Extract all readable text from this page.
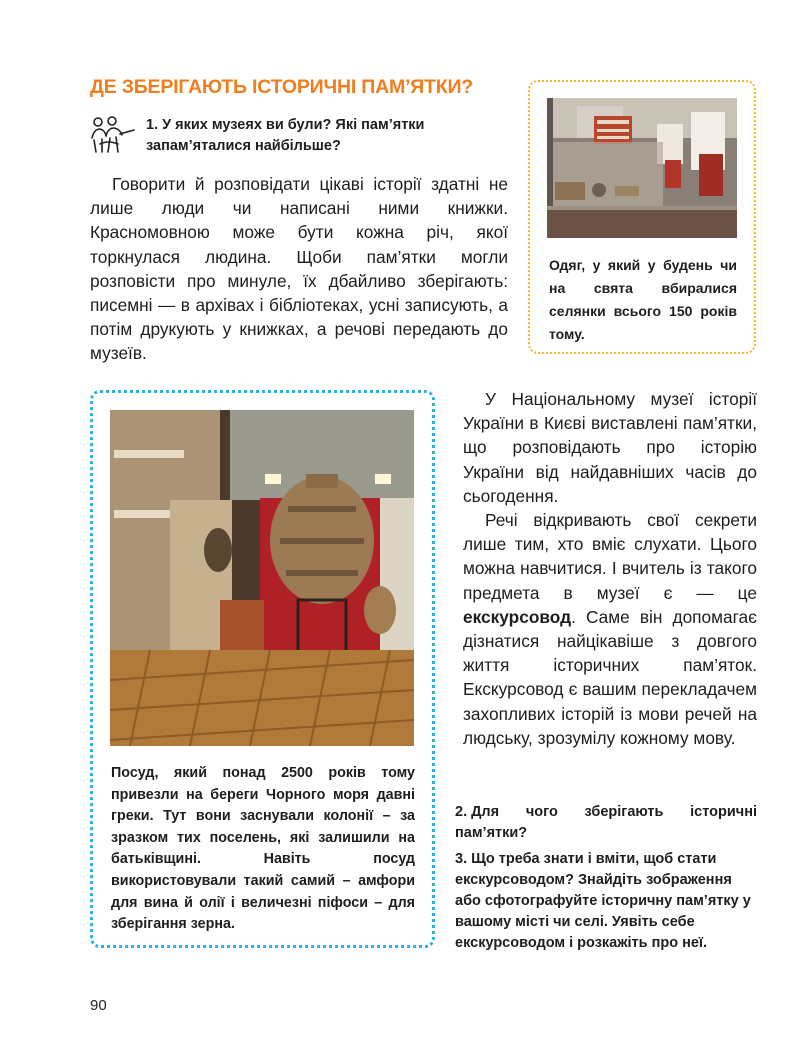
ДЕ ЗБЕРІГАЮТЬ ІСТОРИЧНІ ПАМ’ЯТКИ?
1. У яких музеях ви були? Які пам’ятки запам’яталися найбільше?
Говорити й розповідати цікаві історії здатні не лише люди чи написані ними книжки. Красномовною може бути кожна річ, якої торкнулася людина. Щоби пам’ятки могли розповісти про минуле, їх дбайливо зберігають: писемні — в архівах і бібліотеках, усні записують, а потім друкують у книжках, а речові передають до музеїв.
Одяг, у який у будень чи на свята вбиралися селянки всього 150 років тому.
Посуд, який понад 2500 років тому привезли на береги Чорного моря давні греки. Тут вони заснували колонії – за зразком тих поселень, які залишили на батьківщині. Навіть посуд використовували такий самий – амфори для вина й олії і величезні піфоси – для зберігання зерна.

У Національному музеї історії України в Києві виставлені пам’ятки, що розповідають про історію України від найдавніших часів до сьогодення.

Речі відкривають свої секрети лише тим, хто вміє слухати. Цього можна навчитися. І вчитель із такого предмета в музеї є — це екскурсовод. Саме він допомагає дізнатися найцікавіше з довгого життя історичних пам’яток. Екскурсовод є вашим перекладачем захопливих історій із мови речей на людську, зрозумілу кожному мову.

2. Для чого зберігають історичні пам’ятки?
3. Що треба знати і вміти, щоб стати екскурсоводом? Знайдіть зображення або сфотографуйте історичну пам’ятку у вашому місті чи селі. Уявіть себе екскурсоводом і розкажіть про неї.
90
